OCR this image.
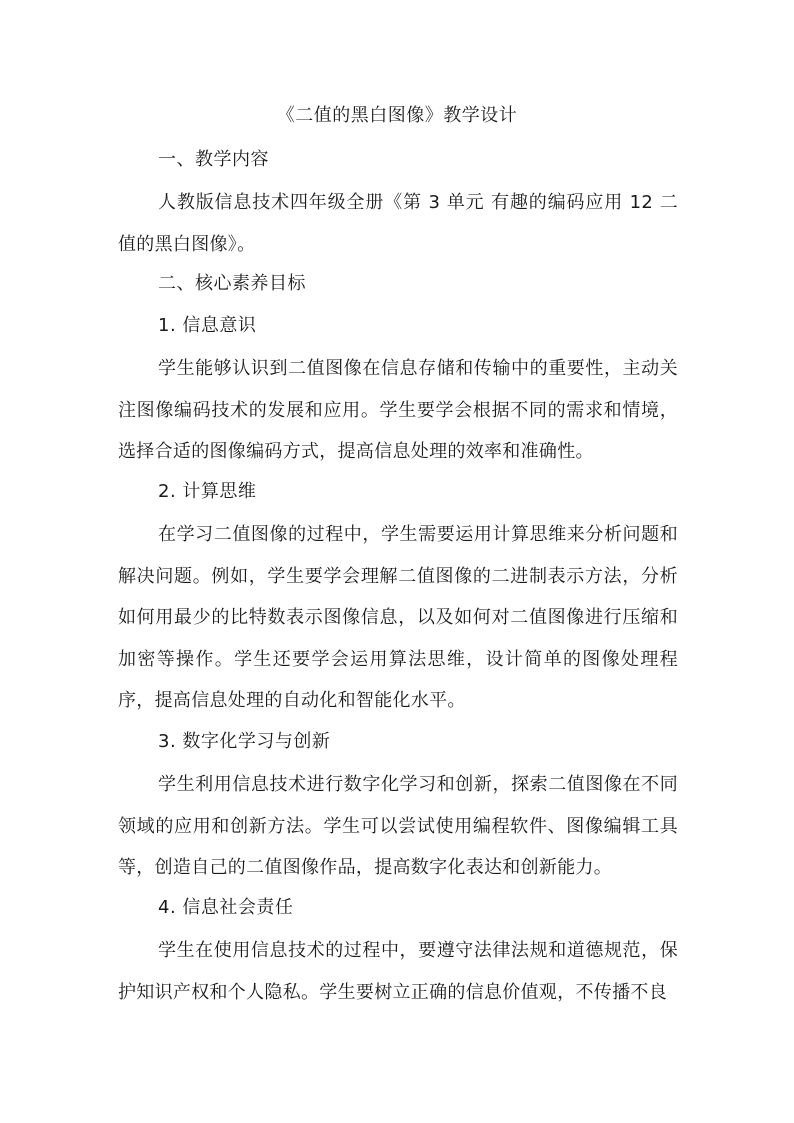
《二值的黑白图像》教学设计

一、教学内容

人教版信息技术四年级全册《第 3 单元 有趣的编码应用 12 二值的黑白图像》。

二、核心素养目标

1. 信息意识

学生能够认识到二值图像在信息存储和传输中的重要性，主动关注图像编码技术的发展和应用。学生要学会根据不同的需求和情境，选择合适的图像编码方式，提高信息处理的效率和准确性。

2. 计算思维

在学习二值图像的过程中，学生需要运用计算思维来分析问题和解决问题。例如，学生要学会理解二值图像的二进制表示方法，分析如何用最少的比特数表示图像信息，以及如何对二值图像进行压缩和加密等操作。学生还要学会运用算法思维，设计简单的图像处理程序，提高信息处理的自动化和智能化水平。

3. 数字化学习与创新

学生利用信息技术进行数字化学习和创新，探索二值图像在不同领域的应用和创新方法。学生可以尝试使用编程软件、图像编辑工具等，创造自己的二值图像作品，提高数字化表达和创新能力。

4. 信息社会责任

学生在使用信息技术的过程中，要遵守法律法规和道德规范，保护知识产权和个人隐私。学生要树立正确的信息价值观，不传播不良
